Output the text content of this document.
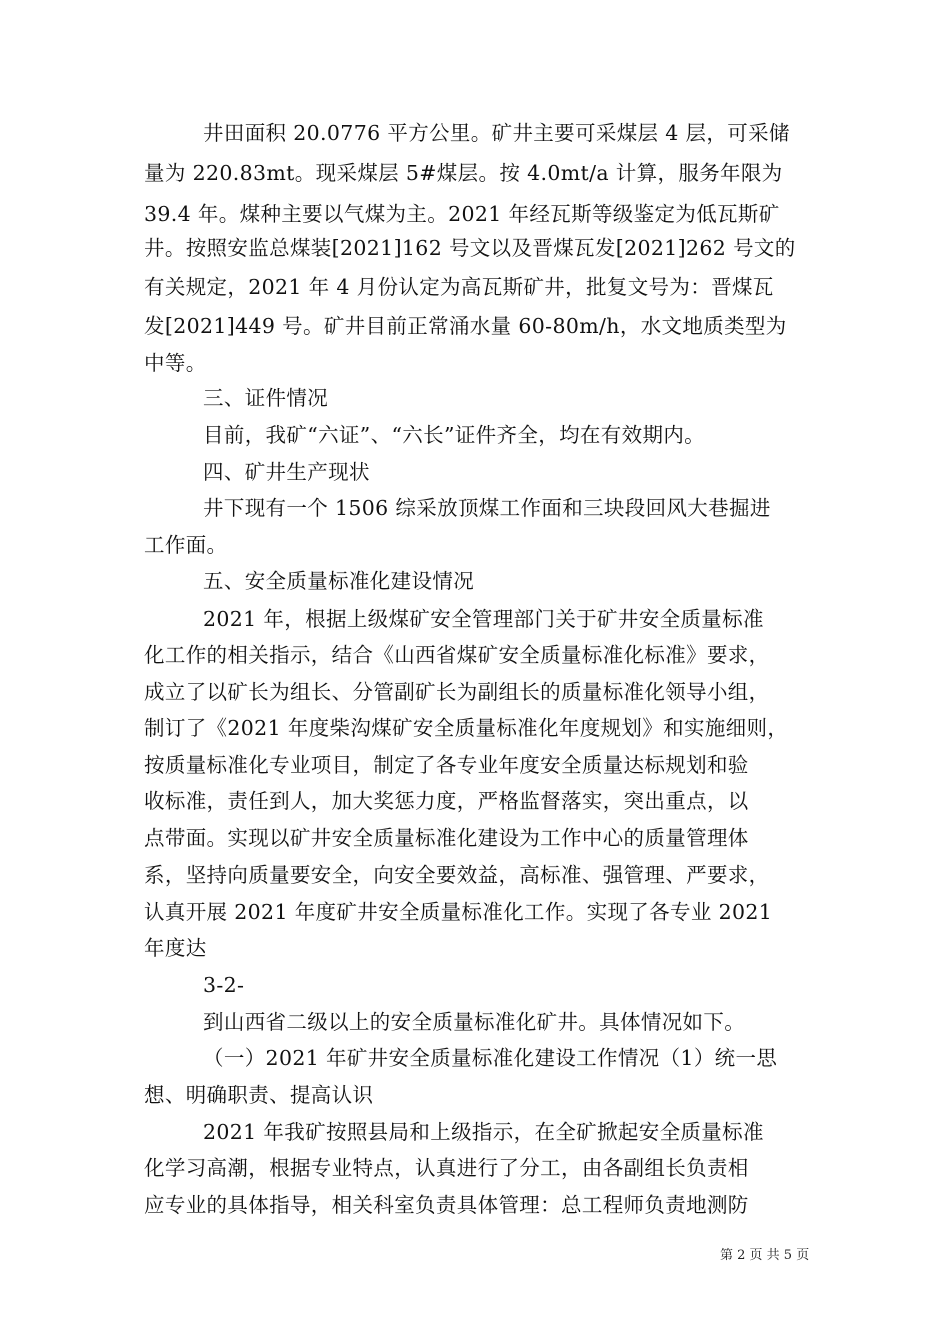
井田面积 20.0776 平方公里。矿井主要可采煤层 4 层，可采储
量为 220.83mt。现采煤层 5#煤层。按 4.0mt/a 计算，服务年限为
39.4 年。煤种主要以气煤为主。2021 年经瓦斯等级鉴定为低瓦斯矿
井。按照安监总煤装[2021]162 号文以及晋煤瓦发[2021]262 号文的
有关规定，2021 年 4 月份认定为高瓦斯矿井，批复文号为：晋煤瓦
发[2021]449 号。矿井目前正常涌水量 60-80m/h，水文地质类型为
中等。
三、证件情况
目前，我矿“六证”、“六长”证件齐全，均在有效期内。
四、矿井生产现状
井下现有一个 1506 综采放顶煤工作面和三块段回风大巷掘进
工作面。
五、安全质量标准化建设情况
2021 年，根据上级煤矿安全管理部门关于矿井安全质量标准
化工作的相关指示，结合《山西省煤矿安全质量标准化标准》要求，
成立了以矿长为组长、分管副矿长为副组长的质量标准化领导小组，
制订了《2021 年度柴沟煤矿安全质量标准化年度规划》和实施细则，
按质量标准化专业项目，制定了各专业年度安全质量达标规划和验
收标准，责任到人，加大奖惩力度，严格监督落实，突出重点，以
点带面。实现以矿井安全质量标准化建设为工作中心的质量管理体
系，坚持向质量要安全，向安全要效益，高标准、强管理、严要求，
认真开展 2021 年度矿井安全质量标准化工作。实现了各专业 2021
年度达
3-2-
到山西省二级以上的安全质量标准化矿井。具体情况如下。
（一）2021 年矿井安全质量标准化建设工作情况（1）统一思
想、明确职责、提高认识
2021 年我矿按照县局和上级指示，在全矿掀起安全质量标准
化学习高潮，根据专业特点，认真进行了分工，由各副组长负责相
应专业的具体指导，相关科室负责具体管理：总工程师负责地测防
第 2 页 共 5 页
